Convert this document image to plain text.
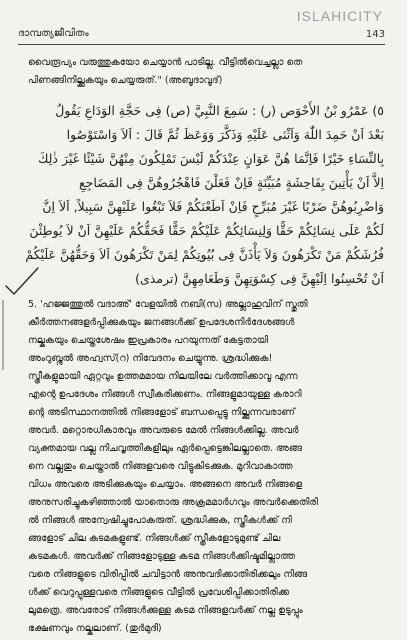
ISLAHICITY
ദാമ്പത്യജീവിതം	143
വൈരൂപ്യം വരുത്തുകയോ ചെയ്യാൻ പാടില്ല. വീട്ടിൽവെച്ചല്ലാ തെ
പിണങ്ങിനില്ക്കുകയും ചെയ്യരുത്." (അബൂദാവൂദ്)
٥) عَمْرُو بْنُ الأَحْوَص (ر) : سَمِعَ النَّبِيَّ (ص) فِى حَجَّةِ الوَدَاعِ يَقُولُ
بَعْدَ اَنْ حَمِدَ اللّٰهَ وَاَثْنَى عَلَيْهِ وَذَكَّرَ وَوَعَظَ ثُمَّ قَالَ : اَلاَ وَاسْتَوْصُوا
بِالنِّسَاءِ خَيْرًا فَاِنَّمَا هُنَّ عَوَانٍ عِنْدَكُمْ لَيْسَ تَمْلِكُونَ مِنْهُنَّ شَيْئًا غَيْرَ ذٰلِكَ
اِلاَّ اَنْ يَأْتِينَ بِفَاحِشَةٍ مُبَيِّنَةٍ فَاِنْ فَعَلْنَ فَاهْجُرُوهُنَّ فِى المَضَاجِعِ
وَاضْرِبُوهُنَّ ضَرْبًا غَيْرَ مُبَرِّحٍ فَاِنْ اَطَعْنَكُمْ فَلاَ تَبْغُوا عَلَيْهِنَّ سَبِيلاً, اَلاَ اِنَّ
لَكُمْ عَلَى نِسَائِكُمْ حَقًّا وَلِنِسَائِكُمْ عَلَيْكُمْ حَقًّا فَحَقُّكُمْ عَلَيْهِنَّ اَنْ لاَ يُوطِئْنَ
فُرُشَكُمْ مَنْ تَكْرَهُونَ وَلاَ يَأْذَنَّ فِى بُيُوتِكُمْ لِمَنْ تَكْرَهُونَ اَلاَ وَحَقُّهُنَّ عَلَيْكُمْ
اَنْ تُحْسِنُوا اِلَيْهِنَّ فِى كِسْوَتِهِنَّ وَطَعَامِهِنَّ (ترمذى)
5. 'ഹജ്ജത്തുൽ വദാഅ്' വേളയിൽ നബി(സ) അല്ലാഹുവിന് സ്തുതി
കീർത്തനങ്ങളർപ്പിക്കുകയും ജനങ്ങൾക്ക് ഉപദേശനിർദേശങ്ങൾ
നല്കുകയും ചെയ്തശേഷം ഇപ്രകാരം പറയുന്നത് കേട്ടതായി
അംറുബ്നുൽ അഹ്വസ്(റ) നിവേദനം ചെയ്യുന്നു. ശ്രദ്ധിക്കുക!
സ്ത്രീകളുമായി ഏറ്റവും ഉത്തമമായ നിലയിലേ വർത്തിക്കാവൂ എന്ന
എന്റെ ഉപദേശം നിങ്ങൾ സ്വീകരിക്കണം. നിങ്ങളുമായുള്ള കരാറി
ന്റെ അടിസ്ഥാനത്തിൽ നിങ്ങളോട് ബന്ധപ്പെട്ടു നില്ക്കുന്നവരാണ്
അവർ. മറ്റൊരധികാരവും അവരുടെ മേൽ നിങ്ങൾക്കില്ല. അവർ
വ്യക്തമായ വല്ല നിചവൃത്തികളിലും ഏർപ്പെട്ടെങ്കിലല്ലാതെ. അങ്ങ
നെ വല്ലതും ചെയ്താൽ നിങ്ങളവരെ വിട്ടുകിടക്കുക. മുറിവാകാത്ത
വിധം അവരെ അടിക്കുകയും ചെയ്യാം. അങ്ങനെ അവർ നിങ്ങളെ
അനുസരിച്ചുകഴിഞ്ഞാൽ യാതൊരു അക്രമമാർഗവും അവർക്കെതിരി
ൽ നിങ്ങൾ അന്വേഷിച്ചുപോകരുത്. ശ്രദ്ധിക്കുക, സ്ത്രീകൾക്ക് നി
ങ്ങളോട് ചില കടമകളുണ്ട്. നിങ്ങൾക്ക് സ്ത്രീകളോടുമുണ്ട് ചില
കടമകൾ. അവർക്ക് നിങ്ങളോടുള്ള കടമ നിങ്ങൾക്കിഷ്ടമില്ലാത്ത
വരെ നിങ്ങളുടെ വിരിപ്പിൽ ചവിട്ടാൻ അനുവദിക്കാതിരിക്കലും നിങ്ങ
ൾക്ക് വെറുപ്പുള്ളവരെ നിങ്ങളുടെ വീട്ടിൽ പ്രവേശിപ്പിക്കാതിരിക്ക
ലുമത്രെ. അവരോട് നിങ്ങൾക്കുള്ള കടമ നിങ്ങളവർക്ക് നല്ല ഉടുപ്പും
ഭക്ഷണവും നല്കലാണ്. (തുർമുദി)
